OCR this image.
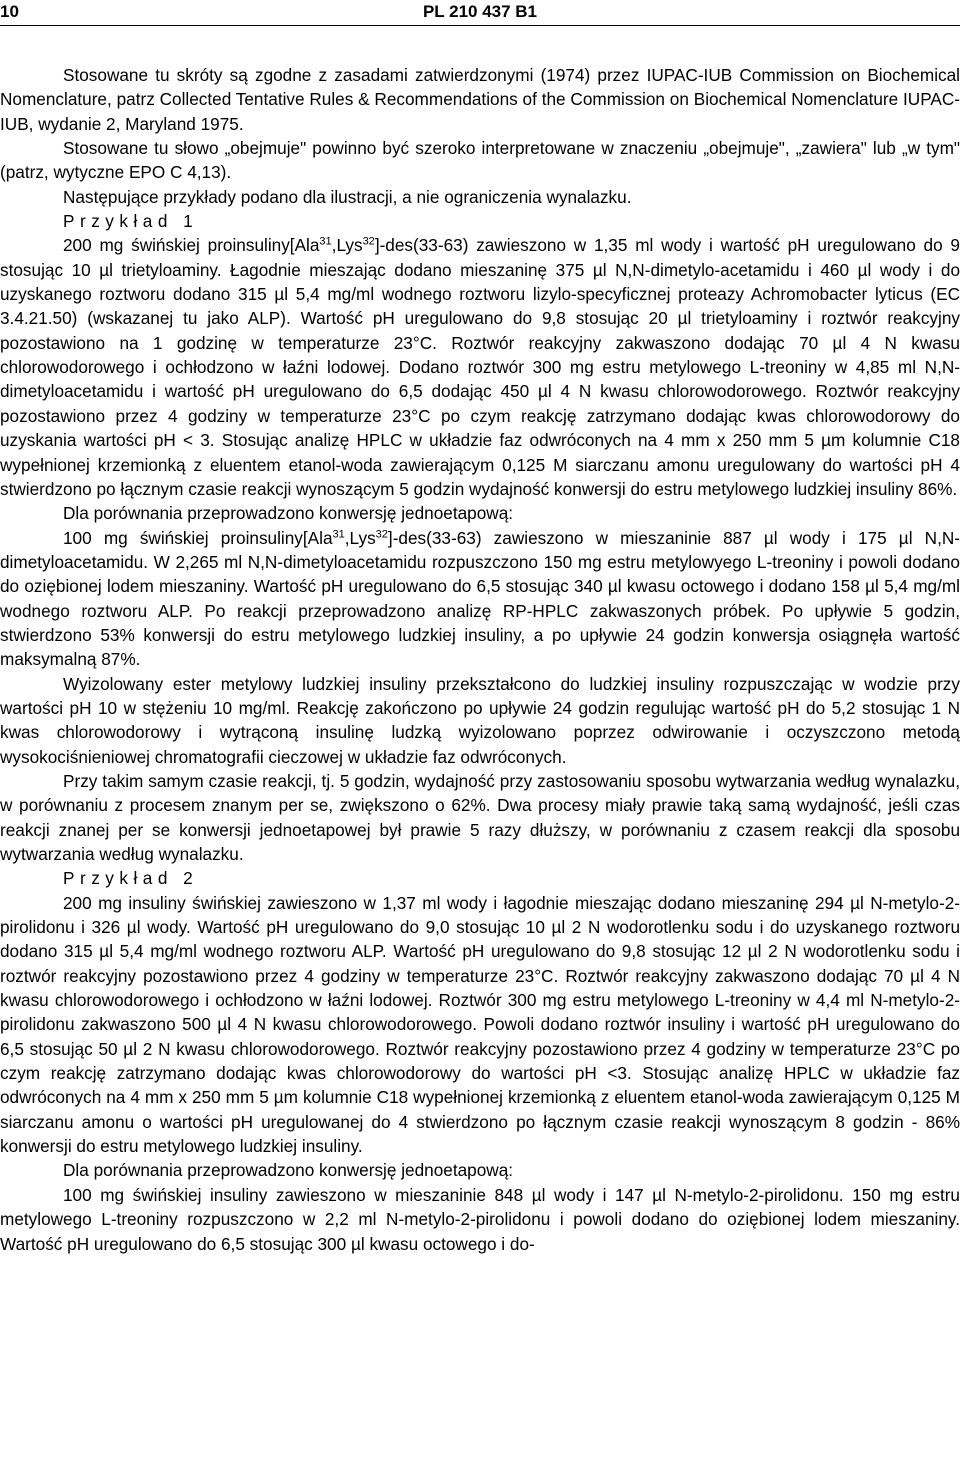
10	PL 210 437 B1

Stosowane tu skróty są zgodne z zasadami zatwierdzonymi (1974) przez IUPAC-IUB Commission on Biochemical Nomenclature, patrz Collected Tentative Rules & Recommendations of the Commission on Biochemical Nomenclature IUPAC-IUB, wydanie 2, Maryland 1975.

Stosowane tu słowo „obejmuje" powinno być szeroko interpretowane w znaczeniu „obejmuje", „zawiera" lub „w tym" (patrz, wytyczne EPO C 4,13).

Następujące przykłady podano dla ilustracji, a nie ograniczenia wynalazku.

Przykład 1

200 mg świńskiej proinsuliny[Ala$^{31}$,Lys$^{32}$]-des(33-63) zawieszono w 1,35 ml wody i wartość pH uregulowano do 9 stosując 10 µl trietyloaminy. Łagodnie mieszając dodano mieszaninę 375 µl N,N-dimetylo-acetamidu i 460 µl wody i do uzyskanego roztworu dodano 315 µl 5,4 mg/ml wodnego roztworu lizylo-specyficznej proteazy Achromobacter lyticus (EC 3.4.21.50) (wskazanej tu jako ALP). Wartość pH uregulowano do 9,8 stosując 20 µl trietyloaminy i roztwór reakcyjny pozostawiono na 1 godzinę w temperaturze 23°C. Roztwór reakcyjny zakwaszono dodając 70 µl 4 N kwasu chlorowodorowego i ochłodzono w łaźni lodowej. Dodano roztwór 300 mg estru metylowego L-treoniny w 4,85 ml N,N-dimetyloacetamidu i wartość pH uregulowano do 6,5 dodając 450 µl 4 N kwasu chlorowodorowego. Roztwór reakcyjny pozostawiono przez 4 godziny w temperaturze 23°C po czym reakcję zatrzymano dodając kwas chlorowodorowy do uzyskania wartości pH < 3. Stosując analizę HPLC w układzie faz odwróconych na 4 mm x 250 mm 5 µm kolumnie C18 wypełnionej krzemionką z eluentem etanol-woda zawierającym 0,125 M siarczanu amonu uregulowany do wartości pH 4 stwierdzono po łącznym czasie reakcji wynoszącym 5 godzin wydajność konwersji do estru metylowego ludzkiej insuliny 86%.

Dla porównania przeprowadzono konwersję jednoetapową:

100 mg świńskiej proinsuliny[Ala$^{31}$,Lys$^{32}$]-des(33-63) zawieszono w mieszaninie 887 µl wody i 175 µl N,N-dimetyloacetamidu. W 2,265 ml N,N-dimetyloacetamidu rozpuszczono 150 mg estru metylowyego L-treoniny i powoli dodano do oziębionej lodem mieszaniny. Wartość pH uregulowano do 6,5 stosując 340 µl kwasu octowego i dodano 158 µl 5,4 mg/ml wodnego roztworu ALP. Po reakcji przeprowadzono analizę RP-HPLC zakwaszonych próbek. Po upływie 5 godzin, stwierdzono 53% konwersji do estru metylowego ludzkiej insuliny, a po upływie 24 godzin konwersja osiągnęła wartość maksymalną 87%.

Wyizolowany ester metylowy ludzkiej insuliny przekształcono do ludzkiej insuliny rozpuszczając w wodzie przy wartości pH 10 w stężeniu 10 mg/ml. Reakcję zakończono po upływie 24 godzin regulując wartość pH do 5,2 stosując 1 N kwas chlorowodorowy i wytrąconą insulinę ludzką wyizolowano poprzez odwirowanie i oczyszczono metodą wysokociśnieniowej chromatografii cieczowej w układzie faz odwróconych.

Przy takim samym czasie reakcji, tj. 5 godzin, wydajność przy zastosowaniu sposobu wytwarzania według wynalazku, w porównaniu z procesem znanym per se, zwiększono o 62%. Dwa procesy miały prawie taką samą wydajność, jeśli czas reakcji znanej per se konwersji jednoetapowej był prawie 5 razy dłuższy, w porównaniu z czasem reakcji dla sposobu wytwarzania według wynalazku.

Przykład 2

200 mg insuliny świńskiej zawieszono w 1,37 ml wody i łagodnie mieszając dodano mieszaninę 294 µl N-metylo-2-pirolidonu i 326 µl wody. Wartość pH uregulowano do 9,0 stosując 10 µl 2 N wodorotlenku sodu i do uzyskanego roztworu dodano 315 µl 5,4 mg/ml wodnego roztworu ALP. Wartość pH uregulowano do 9,8 stosując 12 µl 2 N wodorotlenku sodu i roztwór reakcyjny pozostawiono przez 4 godziny w temperaturze 23°C. Roztwór reakcyjny zakwaszono dodając 70 µl 4 N kwasu chlorowodorowego i ochłodzono w łaźni lodowej. Roztwór 300 mg estru metylowego L-treoniny w 4,4 ml N-metylo-2-pirolidonu zakwaszono 500 µl 4 N kwasu chlorowodorowego. Powoli dodano roztwór insuliny i wartość pH uregulowano do 6,5 stosując 50 µl 2 N kwasu chlorowodorowego. Roztwór reakcyjny pozostawiono przez 4 godziny w temperaturze 23°C po czym reakcję zatrzymano dodając kwas chlorowodorowy do wartości pH <3. Stosując analizę HPLC w układzie faz odwróconych na 4 mm x 250 mm 5 µm kolumnie C18 wypełnionej krzemionką z eluentem etanol-woda zawierającym 0,125 M siarczanu amonu o wartości pH uregulowanej do 4 stwierdzono po łącznym czasie reakcji wynoszącym 8 godzin - 86% konwersji do estru metylowego ludzkiej insuliny.

Dla porównania przeprowadzono konwersję jednoetapową:

100 mg świńskiej insuliny zawieszono w mieszaninie 848 µl wody i 147 µl N-metylo-2-pirolidonu. 150 mg estru metylowego L-treoniny rozpuszczono w 2,2 ml N-metylo-2-pirolidonu i powoli dodano do oziębionej lodem mieszaniny. Wartość pH uregulowano do 6,5 stosując 300 µl kwasu octowego i do-
